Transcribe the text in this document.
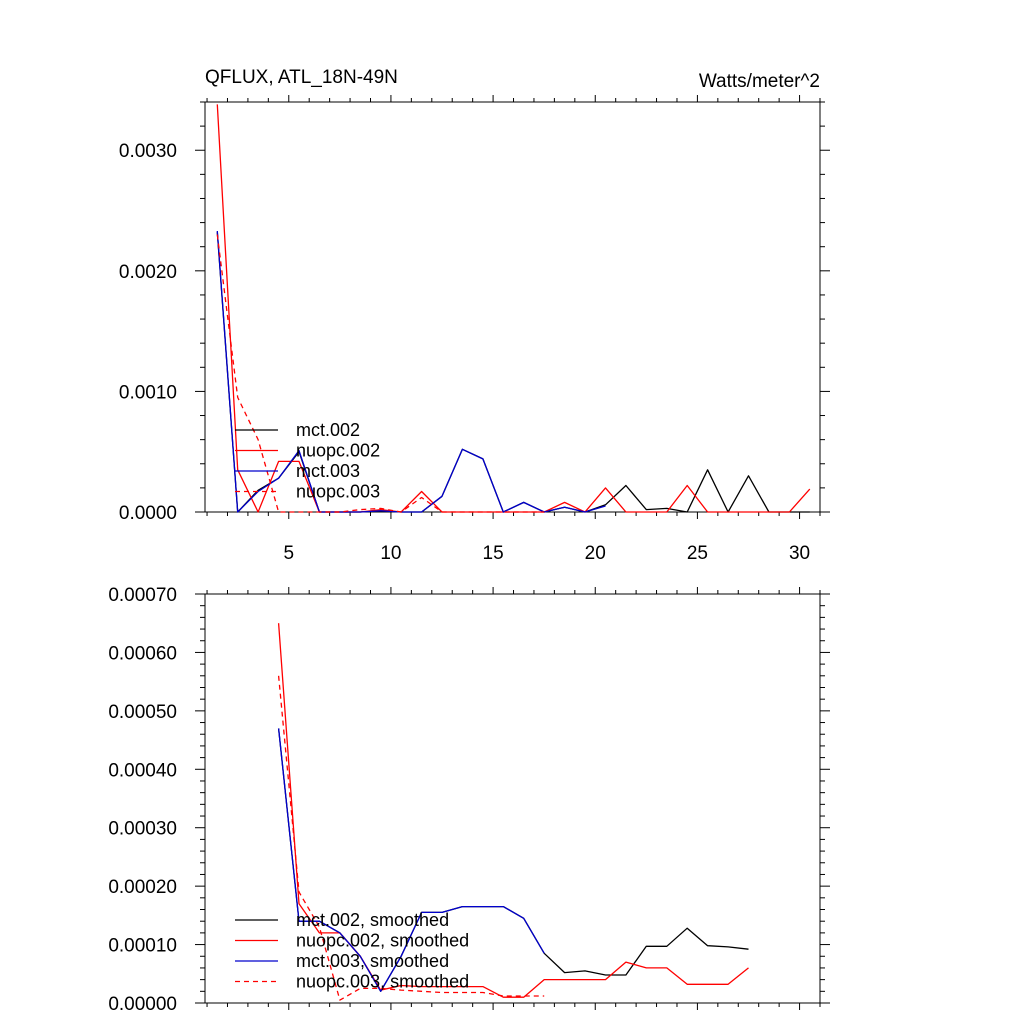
5	10	15	20	25	30
0.0000
0.0010
0.0020
0.0030
QFLUX, ATL_18N-49N	Watts/meter^2
mct.002
nuopc.002
mct.003
nuopc.003
0.00000
0.00010
0.00020
0.00030
0.00040
0.00050
0.00060
0.00070
mct.002, smoothed
nuopc.002, smoothed
mct.003, smoothed
nuopc.003, smoothed
